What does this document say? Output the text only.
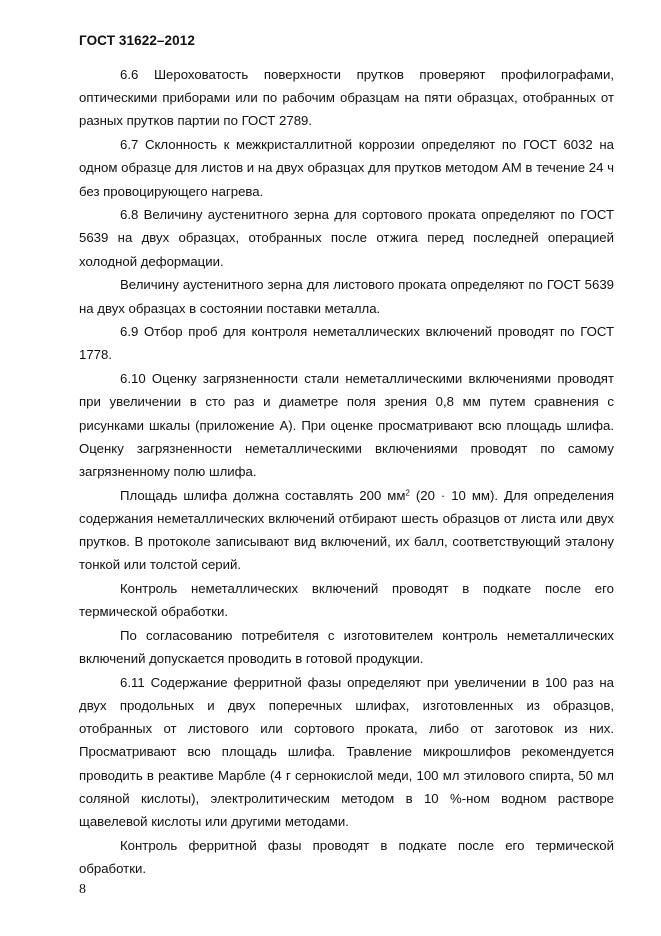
ГОСТ 31622–2012

6.6 Шероховатость поверхности прутков проверяют профилографами, оптическими приборами или по рабочим образцам на пяти образцах, отобранных от разных прутков партии по ГОСТ 2789.

6.7 Склонность к межкристаллитной коррозии определяют по ГОСТ 6032 на одном образце для листов и на двух образцах для прутков методом АМ в течение 24 ч без провоцирующего нагрева.

6.8 Величину аустенитного зерна для сортового проката определяют по ГОСТ 5639 на двух образцах, отобранных после отжига перед последней операцией холодной деформации.

Величину аустенитного зерна для листового проката определяют по ГОСТ 5639 на двух образцах в состоянии поставки металла.

6.9 Отбор проб для контроля неметаллических включений проводят по ГОСТ 1778.

6.10 Оценку загрязненности стали неметаллическими включениями проводят при увеличении в сто раз и диаметре поля зрения 0,8 мм путем сравнения с рисунками шкалы (приложение А). При оценке просматривают всю площадь шлифа. Оценку загрязненности неметаллическими включениями проводят по самому загрязненному полю шлифа.

Площадь шлифа должна составлять 200 $мм^2$ (20 · 10 мм). Для определения содержания неметаллических включений отбирают шесть образцов от листа или двух прутков. В протоколе записывают вид включений, их балл, соответствующий эталону тонкой или толстой серий.

Контроль неметаллических включений проводят в подкате после его термической обработки.

По согласованию потребителя с изготовителем контроль неметаллических включений допускается проводить в готовой продукции.

6.11 Содержание ферритной фазы определяют при увеличении в 100 раз на двух продольных и двух поперечных шлифах, изготовленных из образцов, отобранных от листового или сортового проката, либо от заготовок из них. Просматривают всю площадь шлифа. Травление микрошлифов рекомендуется проводить в реактиве Марбле (4 г сернокислой меди, 100 мл этилового спирта, 50 мл соляной кислоты), электролитическим методом в 10 %-ном водном растворе щавелевой кислоты или другими методами.

Контроль ферритной фазы проводят в подкате после его термической обработки.

8
